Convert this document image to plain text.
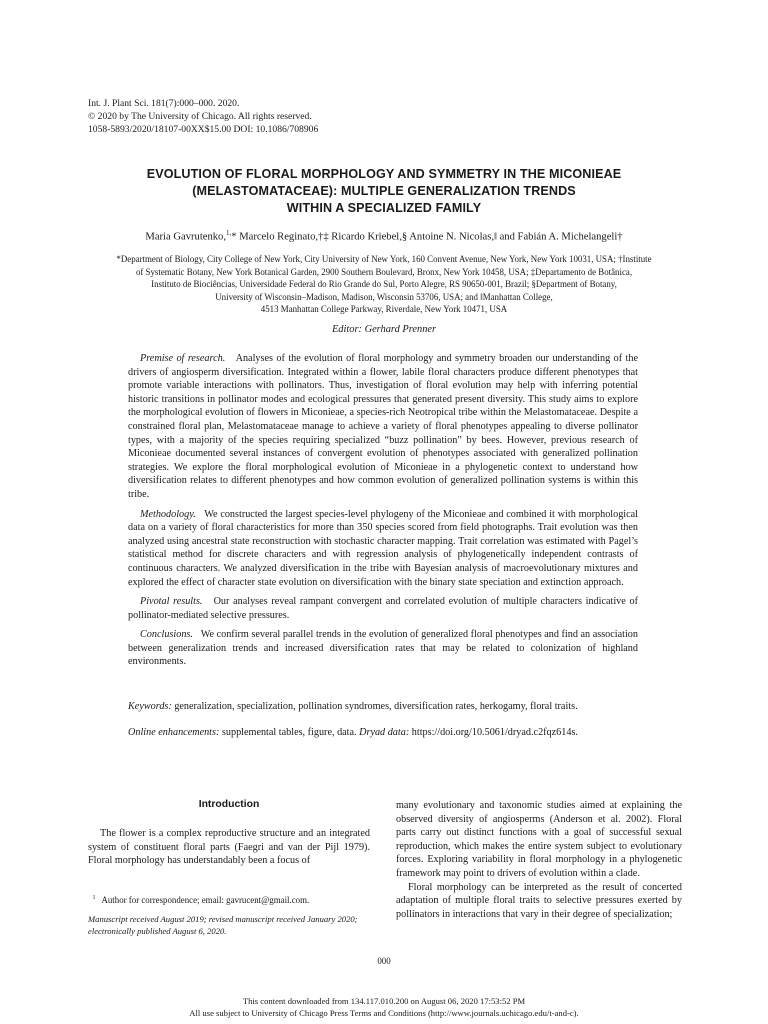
Int. J. Plant Sci. 181(7):000–000. 2020.
© 2020 by The University of Chicago. All rights reserved.
1058-5893/2020/18107-00XX$15.00 DOI: 10.1086/708906
EVOLUTION OF FLORAL MORPHOLOGY AND SYMMETRY IN THE MICONIEAE
(MELASTOMATACEAE): MULTIPLE GENERALIZATION TRENDS
WITHIN A SPECIALIZED FAMILY
Maria Gavrutenko,$^{1,}$* Marcelo Reginato,†‡ Ricardo Kriebel,§ Antoine N. Nicolas,‖ and Fabián A. Michelangeli†
*Department of Biology, City College of New York, City University of New York, 160 Convent Avenue, New York, New York 10031, USA; †Institute
of Systematic Botany, New York Botanical Garden, 2900 Southern Boulevard, Bronx, New York 10458, USA; ‡Departamento de Botânica,
Instituto de Biociências, Universidade Federal do Rio Grande do Sul, Porto Alegre, RS 90650-001, Brazil; §Department of Botany,
University of Wisconsin–Madison, Madison, Wisconsin 53706, USA; and ‖Manhattan College,
4513 Manhattan College Parkway, Riverdale, New York 10471, USA
Editor: Gerhard Prenner

Premise of research. Analyses of the evolution of floral morphology and symmetry broaden our understanding of the drivers of angiosperm diversification. Integrated within a flower, labile floral characters produce different phenotypes that promote variable interactions with pollinators. Thus, investigation of floral evolution may help with inferring potential historic transitions in pollinator modes and ecological pressures that generated present diversity. This study aims to explore the morphological evolution of flowers in Miconieae, a species-rich Neotropical tribe within the Melastomataceae. Despite a constrained floral plan, Melastomataceae manage to achieve a variety of floral phenotypes appealing to diverse pollinator types, with a majority of the species requiring specialized “buzz pollination” by bees. However, previous research of Miconieae documented several instances of convergent evolution of phenotypes associated with generalized pollination strategies. We explore the floral morphological evolution of Miconieae in a phylogenetic context to understand how diversification relates to different phenotypes and how common evolution of generalized pollination systems is within this tribe.

Methodology. We constructed the largest species-level phylogeny of the Miconieae and combined it with morphological data on a variety of floral characteristics for more than 350 species scored from field photographs. Trait evolution was then analyzed using ancestral state reconstruction with stochastic character mapping. Trait correlation was estimated with Pagel’s statistical method for discrete characters and with regression analysis of phylogenetically independent contrasts of continuous characters. We analyzed diversification in the tribe with Bayesian analysis of macroevolutionary mixtures and explored the effect of character state evolution on diversification with the binary state speciation and extinction approach.

Pivotal results. Our analyses reveal rampant convergent and correlated evolution of multiple characters indicative of pollinator-mediated selective pressures.

Conclusions. We confirm several parallel trends in the evolution of generalized floral phenotypes and find an association between generalization trends and increased diversification rates that may be related to colonization of highland environments.

Keywords: generalization, specialization, pollination syndromes, diversification rates, herkogamy, floral traits.
Online enhancements: supplemental tables, figure, data. Dryad data: https://doi.org/10.5061/dryad.c2fqz614s.
Introduction

The flower is a complex reproductive structure and an integrated system of constituent floral parts (Faegri and van der Pijl 1979). Floral morphology has understandably been a focus of

many evolutionary and taxonomic studies aimed at explaining the observed diversity of angiosperms (Anderson et al. 2002). Floral parts carry out distinct functions with a goal of successful sexual reproduction, which makes the entire system subject to evolutionary forces. Exploring variability in floral morphology in a phylogenetic framework may point to drivers of evolution within a clade.

Floral morphology can be interpreted as the result of concerted adaptation of multiple floral traits to selective pressures exerted by pollinators in interactions that vary in their degree of specialization;

$^1$ Author for correspondence; email: gavrucent@gmail.com.
Manuscript received August 2019; revised manuscript received January 2020;
electronically published August 6, 2020.
000
This content downloaded from 134.117.010.200 on August 06, 2020 17:53:52 PM
All use subject to University of Chicago Press Terms and Conditions (http://www.journals.uchicago.edu/t-and-c).
